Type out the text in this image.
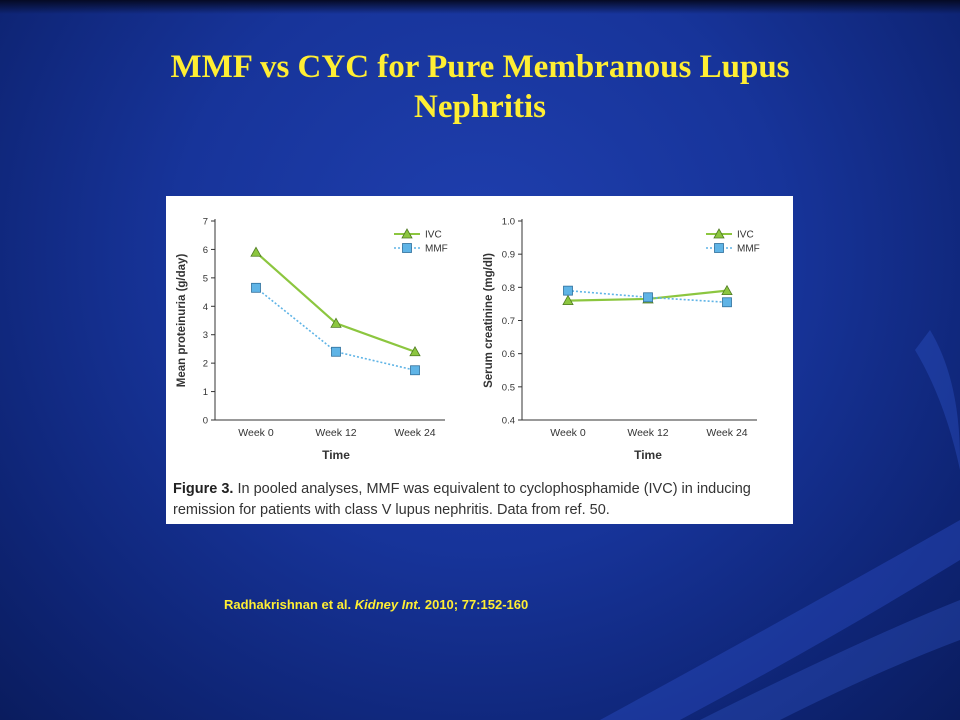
MMF vs CYC for Pure Membranous Lupus
Nephritis
0
1
2
3
4
5
6
7
Week 0	Week 12	Week 24
Time
Mean proteinuria (g/day)
IVC
MMF
0.4
0.5
0.6
0.7
0.8
0.9
1.0
Week 0	Week 12	Week 24
Time
Serum creatinine (mg/dl)
IVC
MMF
Figure 3. In pooled analyses, MMF was equivalent to cyclophosphamide (IVC) in inducing remission for patients with class V lupus nephritis. Data from ref. 50.
Radhakrishnan et al. Kidney Int. 2010; 77:152-160
